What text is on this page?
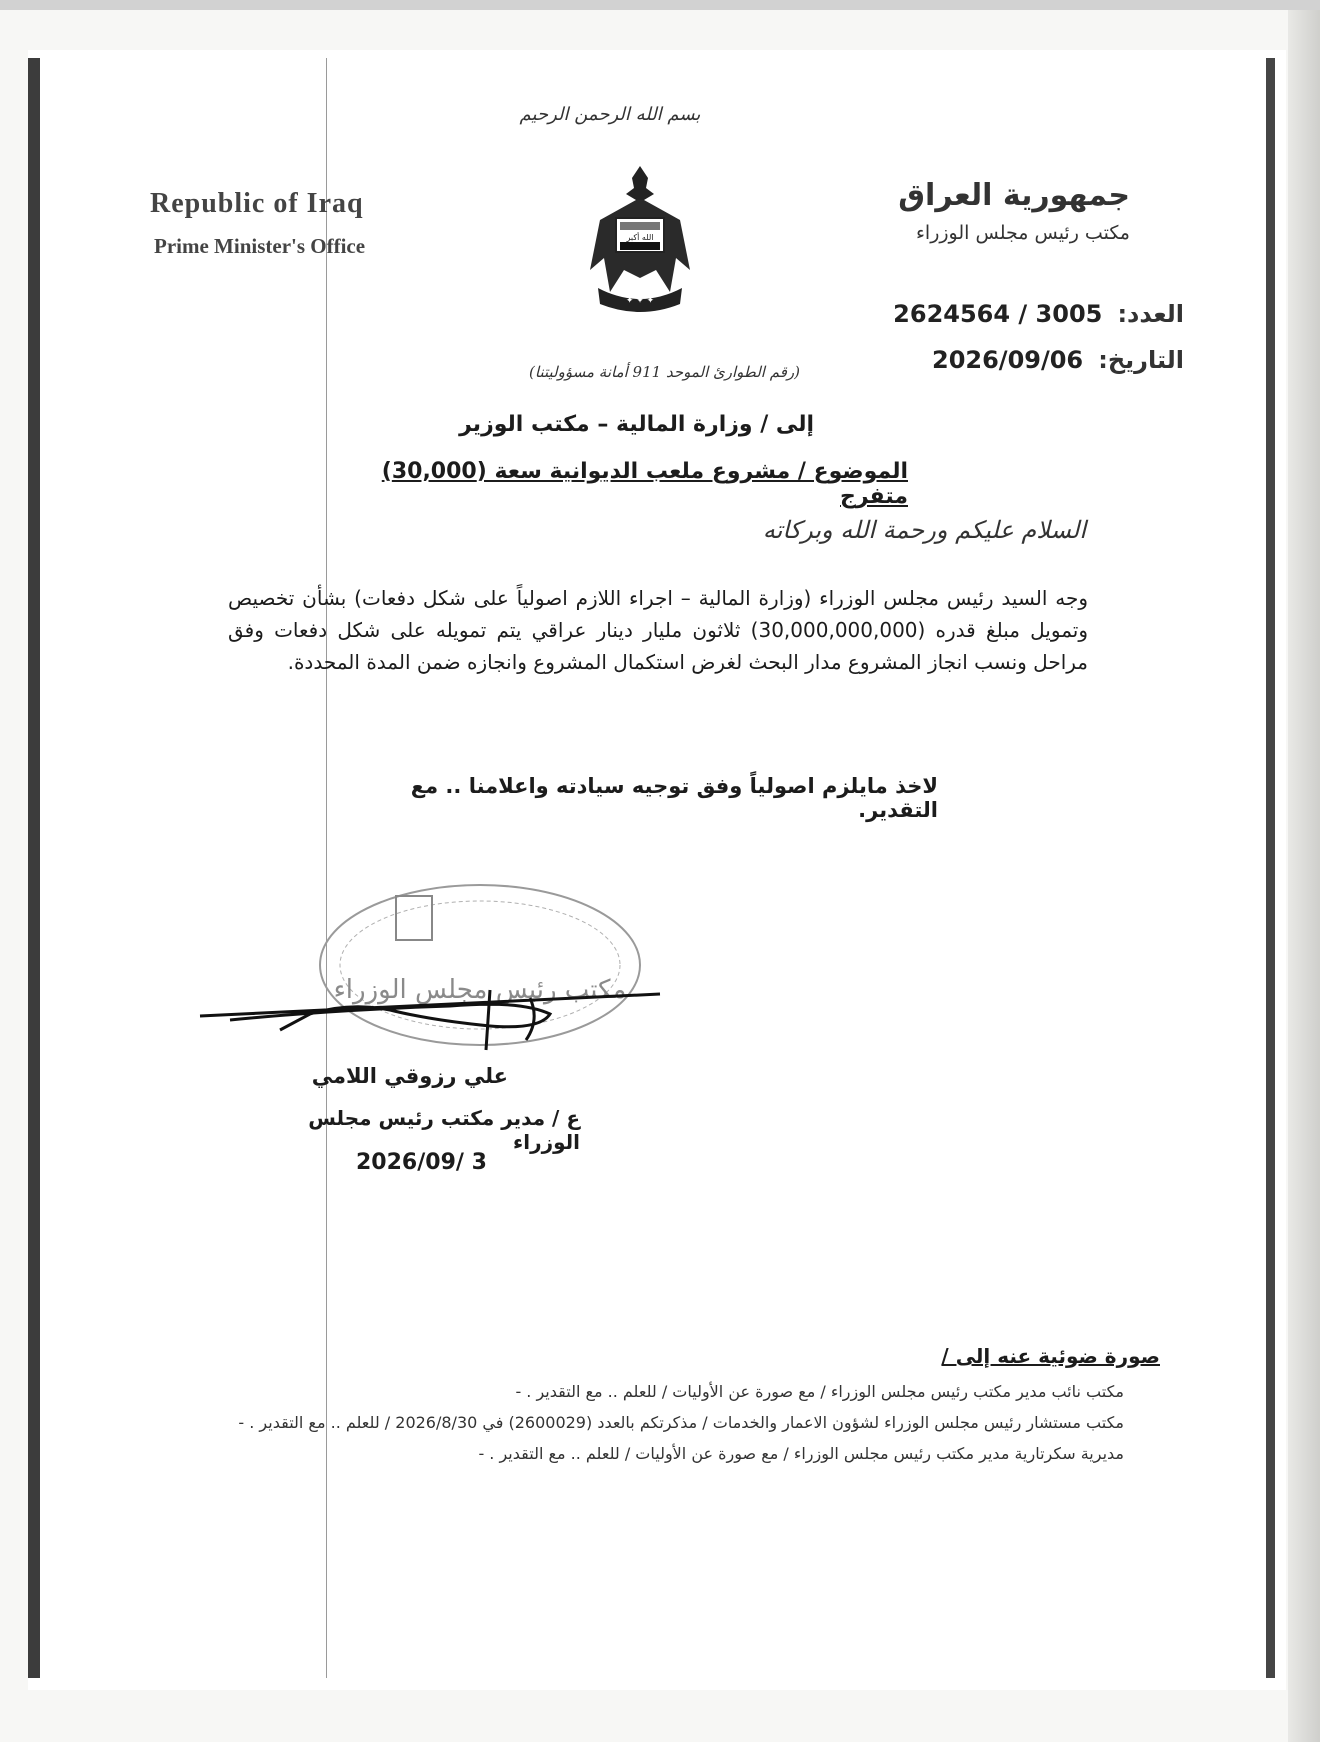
بسم الله الرحمن الرحيم
Republic of Iraq
Prime Minister's Office
جمهورية العراق
مكتب رئيس مجلس الوزراء
الله أكبر
✦ ✦ ✦	العدد: 2624564 / 3005
التاريخ: 2026/09/06
(رقم الطوارئ الموحد 911 أمانة مسؤوليتنا)
إلى / وزارة المالية – مكتب الوزير
الموضوع / مشروع ملعب الديوانية سعة (30,000) متفرج
السلام عليكم ورحمة الله وبركاته
وجه السيد رئيس مجلس الوزراء (وزارة المالية – اجراء اللازم اصولياً على شكل دفعات) بشأن تخصيص وتمويل مبلغ قدره (30,000,000,000) ثلاثون مليار دينار عراقي يتم تمويله على شكل دفعات وفق مراحل ونسب انجاز المشروع مدار البحث لغرض استكمال المشروع وانجازه ضمن المدة المحددة.
لاخذ مايلزم اصولياً وفق توجيه سيادته واعلامنا .. مع التقدير.
مكتب رئيس مجلس الوزراء
علي رزوقي اللامي
ع / مدير مكتب رئيس مجلس الوزراء
2026/09/ 3
صورة ضوئية عنه إلى /
مكتب نائب مدير مكتب رئيس مجلس الوزراء / مع صورة عن الأوليات / للعلم .. مع التقدير . -
مكتب مستشار رئيس مجلس الوزراء لشؤون الاعمار والخدمات / مذكرتكم بالعدد (2600029) في 2026/8/30 / للعلم .. مع التقدير . -
مديرية سكرتارية مدير مكتب رئيس مجلس الوزراء / مع صورة عن الأوليات / للعلم .. مع التقدير . -
